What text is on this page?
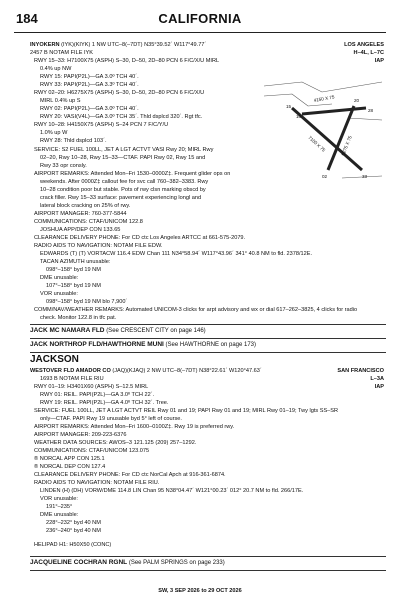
184	CALIFORNIA
INYOKERN (IYK)(KIYK) 1 NW UTC–8(–7DT) N35°39.52´ W117°49.77´	LOS ANGELES
H–4L, L–7C
IAP
2457 B NOTAM FILE IYK
RWY 15–33: H7100X75 (ASPH) S–30, D–50, 2D–80 PCN 6 F/C/X/U MIRL
0.4% up NW
RWY 15: PAPI(P2L)—GA 3.0º TCH 40´.
RWY 33: PAPI(P2L)—GA 3.3º TCH 40´.
RWY 02–20: H6275X75 (ASPH) S–30, D–50, 2D–80 PCN 6 F/C/X/U
MIRL 0.4% up S
RWY 02: PAPI(P2L)—GA 3.0º TCH 40´.
RWY 20: VASI(V4L)—GA 3.0º TCH 35´. Thld dsplcd 320´. Rgt tfc.
RWY 10–28: H4150X75 (ASPH) S–24 PCN 7 F/C/Y/U
1.0% up W
RWY 28: Thld dsplcd 103´.
SERVICE: S2 FUEL 100LL, JET A LGT ACTVT VASI Rwy 20; MIRL Rwy
02–20, Rwy 10–28, Rwy 15–33—CTAF. PAPI Rwy 02, Rwy 15 and
Rwy 33 opr consly.
AIRPORT REMARKS: Attended Mon–Fri 1530–0000Z‡. Frequent glider ops on
weekends. After 0000Z‡ callout fee for svc call 760–382–3383. Rwy
10–28 condition poor but stable. Pots of rwy clsn marking obscd by
crack filler. Rwy 15–33 surface: pavement experiencing longl and
lateral block cracking on 25% of rwy.
AIRPORT MANAGER: 760-377-5844
COMMUNICATIONS: CTAF/UNICOM 122.8
JOSHUA APP/DEP CON 133.65
CLEARANCE DELIVERY PHONE: For CD ctc Los Angeles ARTCC at 661-575-2079.
RADIO AIDS TO NAVIGATION: NOTAM FILE EDW.
EDWARDS (T) (T) VORTACW 116.4 EDW Chan 111 N34°58.94´ W117°43.96´ 341° 40.8 NM to fld. 2378/12E.
TACAN AZIMUTH unusable:
098°–158° byd 19 NM
DME unusable:
107°–158° byd 19 NM
VOR unusable:
098°–158° byd 19 NM blo 7,900´
COMM/NAV/WEATHER REMARKS: Automated UNICOM-3 clicks for arpt advisory and wx or dial 617–262–3825, 4 clicks for radio
check. Monitor 122.8 in tfc pat.
4150 X 75
6275 X 75
7100 X 75
15
33
02
20
10
28
JACK MC NAMARA FLD (See CRESCENT CITY on page 146)
JACK NORTHROP FLD/HAWTHORNE MUNI (See HAWTHORNE on page 173)
JACKSON
WESTOVER FLD AMADOR CO (JAQ)(KJAQ) 2 NW UTC–8(–7DT) N38°22.61´ W120°47.63´	SAN FRANCISCO
L–3A
IAP
1693 B NOTAM FILE RIU
RWY 01–19: H3401X60 (ASPH) S–12.5 MIRL
RWY 01: REIL. PAPI(P2L)—GA 3.0º TCH 22´.
RWY 19: REIL. PAPI(P2L)—GA 4.0º TCH 32´. Tree.
SERVICE: FUEL 100LL, JET A LGT ACTVT REIL Rwy 01 and 19; PAPI Rwy 01 and 19; MIRL Rwy 01–19; Twy lgts SS–SR
only—CTAF. PAPI Rwy 19 unusable byd 5° left of course.
AIRPORT REMARKS: Attended Mon–Fri 1600–0100Z‡. Rwy 19 is preferred rwy.
AIRPORT MANAGER: 209-223-6376
WEATHER DATA SOURCES: AWOS–3 121.125 (209) 257–1292.
COMMUNICATIONS: CTAF/UNICOM 123.075
® NORCAL APP CON 125.1
® NORCAL DEP CON 127.4
CLEARANCE DELIVERY PHONE: For CD ctc NorCal Apch at 916-361-6874.
RADIO AIDS TO NAVIGATION: NOTAM FILE RIU.
LINDEN (H) (DH) VORW/DME 114.8 LIN Chan 95 N38°04.47´ W121°00.23´ 012° 20.7 NM to fld. 266/17E.
VOR unusable:
191°–235°
DME unusable:
228°–232° byd 40 NM
236°–240° byd 40 NM
HELIPAD H1: H50X50 (CONC)
JACQUELINE COCHRAN RGNL (See PALM SPRINGS on page 233)
SW, 3 SEP 2026 to 29 OCT 2026
